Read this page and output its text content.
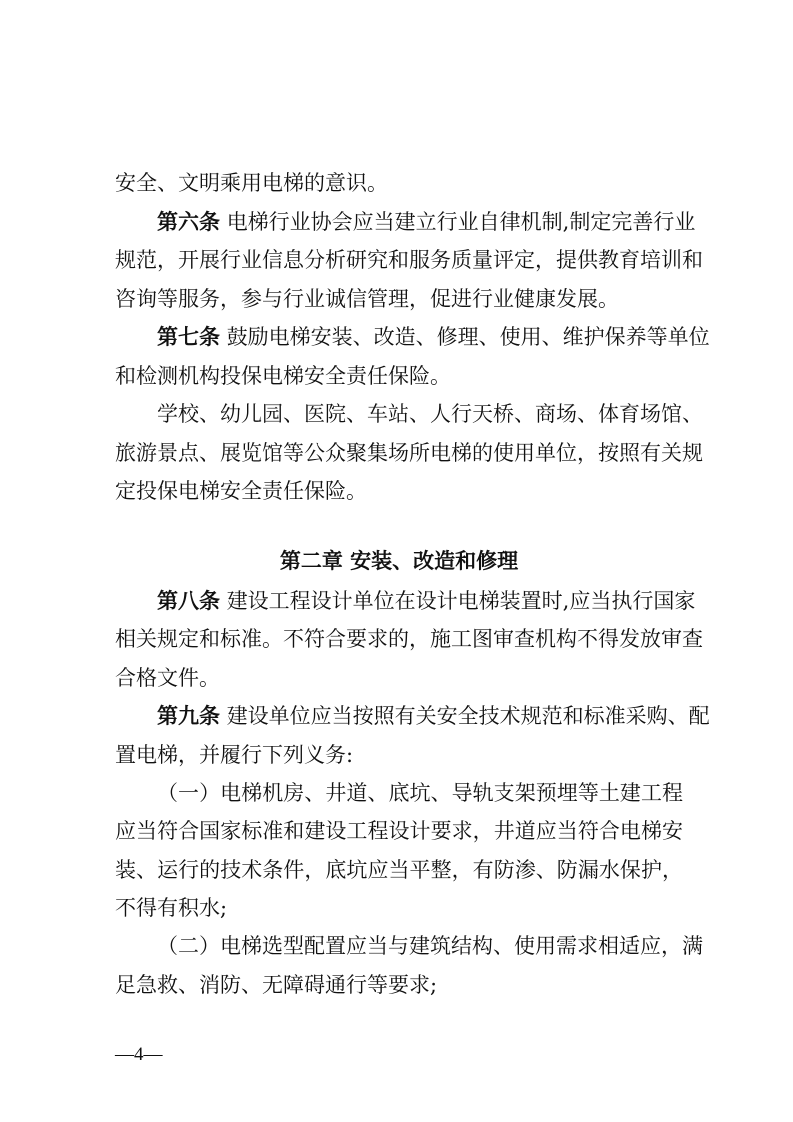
安全、文明乘用电梯的意识。
第六条 电梯行业协会应当建立行业自律机制,制定完善行业
规范，开展行业信息分析研究和服务质量评定，提供教育培训和
咨询等服务，参与行业诚信管理，促进行业健康发展。
第七条 鼓励电梯安装、改造、修理、使用、维护保养等单位
和检测机构投保电梯安全责任保险。
学校、幼儿园、医院、车站、人行天桥、商场、体育场馆、
旅游景点、展览馆等公众聚集场所电梯的使用单位，按照有关规
定投保电梯安全责任保险。
第二章 安装、改造和修理
第八条 建设工程设计单位在设计电梯装置时,应当执行国家
相关规定和标准。不符合要求的，施工图审查机构不得发放审查
合格文件。
第九条 建设单位应当按照有关安全技术规范和标准采购、配
置电梯，并履行下列义务:
（一）电梯机房、井道、底坑、导轨支架预埋等土建工程
应当符合国家标准和建设工程设计要求，井道应当符合电梯安
装、运行的技术条件，底坑应当平整，有防渗、防漏水保护，
不得有积水;
（二）电梯选型配置应当与建筑结构、使用需求相适应，满
足急救、消防、无障碍通行等要求;
—4—
